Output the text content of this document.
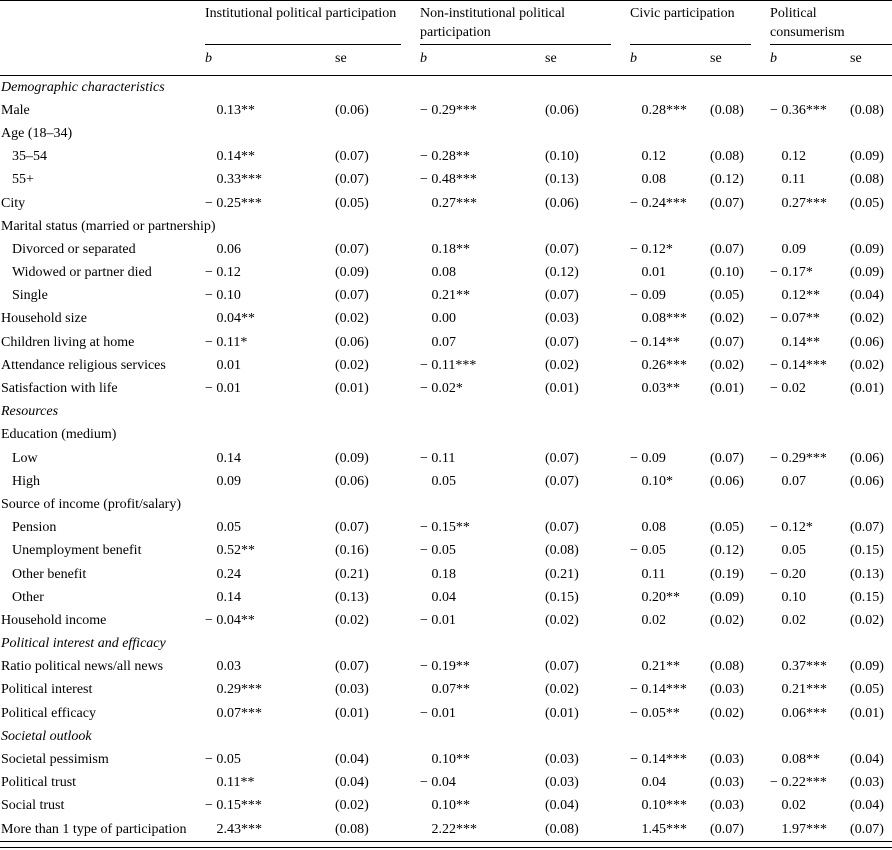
	Institutional political participation		Non-institutional political participation		Civic participation		Political consumerism	

	b	se	b	se	b	se	b	se
Demographic characteristics								
Male	0.13**	(0.06)	− 0.29***	(0.06)	0.28***	(0.08)	− 0.36***	(0.08)
Age (18–34)								
35–54	0.14**	(0.07)	− 0.28**	(0.10)	0.12	(0.08)	0.12	(0.09)
55+	0.33***	(0.07)	− 0.48***	(0.13)	0.08	(0.12)	0.11	(0.08)
City	− 0.25***	(0.05)	0.27***	(0.06)	− 0.24***	(0.07)	0.27***	(0.05)
Marital status (married or partnership)								
Divorced or separated	0.06	(0.07)	0.18**	(0.07)	− 0.12*	(0.07)	0.09	(0.09)
Widowed or partner died	− 0.12	(0.09)	0.08	(0.12)	0.01	(0.10)	− 0.17*	(0.09)
Single	− 0.10	(0.07)	0.21**	(0.07)	− 0.09	(0.05)	0.12**	(0.04)
Household size	0.04**	(0.02)	0.00	(0.03)	0.08***	(0.02)	− 0.07**	(0.02)
Children living at home	− 0.11*	(0.06)	0.07	(0.07)	− 0.14**	(0.07)	0.14**	(0.06)
Attendance religious services	0.01	(0.02)	− 0.11***	(0.02)	0.26***	(0.02)	− 0.14***	(0.02)
Satisfaction with life	− 0.01	(0.01)	− 0.02*	(0.01)	0.03**	(0.01)	− 0.02	(0.01)
Resources								
Education (medium)								
Low	0.14	(0.09)	− 0.11	(0.07)	− 0.09	(0.07)	− 0.29***	(0.06)
High	0.09	(0.06)	0.05	(0.07)	0.10*	(0.06)	0.07	(0.06)
Source of income (profit/salary)								
Pension	0.05	(0.07)	− 0.15**	(0.07)	0.08	(0.05)	− 0.12*	(0.07)
Unemployment benefit	0.52**	(0.16)	− 0.05	(0.08)	− 0.05	(0.12)	0.05	(0.15)
Other benefit	0.24	(0.21)	0.18	(0.21)	0.11	(0.19)	− 0.20	(0.13)
Other	0.14	(0.13)	0.04	(0.15)	0.20**	(0.09)	0.10	(0.15)
Household income	− 0.04**	(0.02)	− 0.01	(0.02)	0.02	(0.02)	0.02	(0.02)
Political interest and efficacy								
Ratio political news/all news	0.03	(0.07)	− 0.19**	(0.07)	0.21**	(0.08)	0.37***	(0.09)
Political interest	0.29***	(0.03)	0.07**	(0.02)	− 0.14***	(0.03)	0.21***	(0.05)
Political efficacy	0.07***	(0.01)	− 0.01	(0.01)	− 0.05**	(0.02)	0.06***	(0.01)
Societal outlook								
Societal pessimism	− 0.05	(0.04)	0.10**	(0.03)	− 0.14***	(0.03)	0.08**	(0.04)
Political trust	0.11**	(0.04)	− 0.04	(0.03)	0.04	(0.03)	− 0.22***	(0.03)
Social trust	− 0.15***	(0.02)	0.10**	(0.04)	0.10***	(0.03)	0.02	(0.04)
More than 1 type of participation	2.43***	(0.08)	2.22***	(0.08)	1.45***	(0.07)	1.97***	(0.07)
